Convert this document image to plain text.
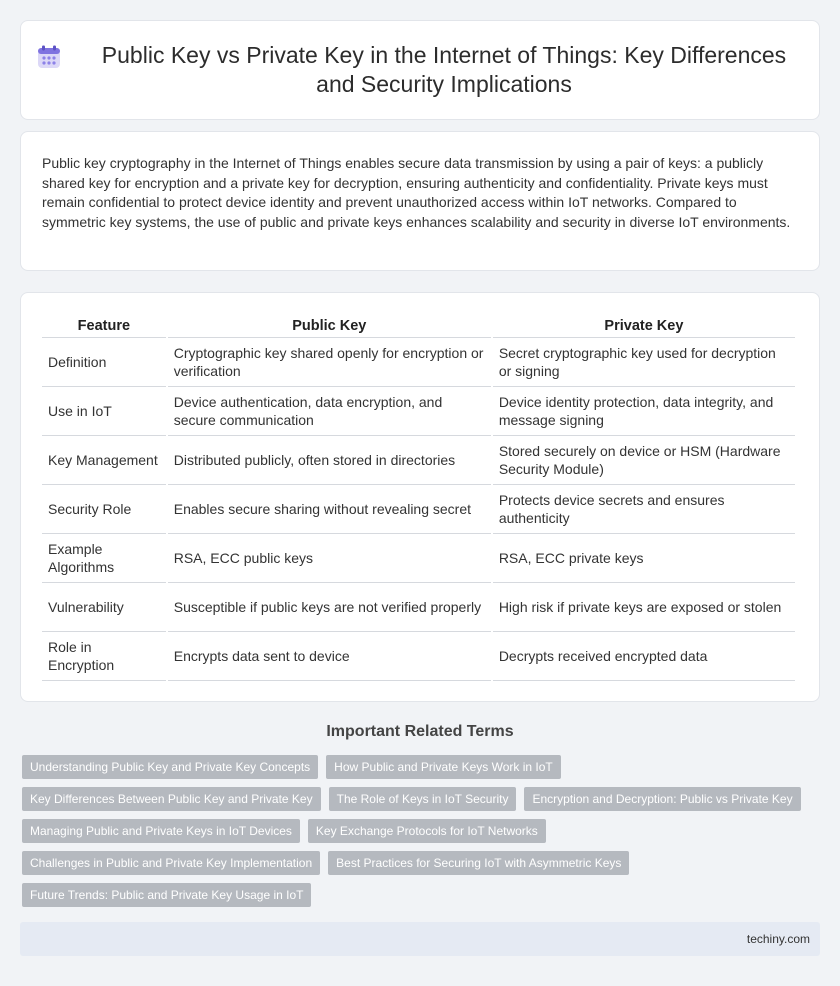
Public Key vs Private Key in the Internet of Things: Key Differences and Security Implications

Public key cryptography in the Internet of Things enables secure data transmission by using a pair of keys: a publicly shared key for encryption and a private key for decryption, ensuring authenticity and confidentiality. Private keys must remain confidential to protect device identity and prevent unauthorized access within IoT networks. Compared to symmetric key systems, the use of public and private keys enhances scalability and security in diverse IoT environments.

Feature	Public Key	Private Key
Definition	Cryptographic key shared openly for encryption or verification	Secret cryptographic key used for decryption or signing
Use in IoT	Device authentication, data encryption, and secure communication	Device identity protection, data integrity, and message signing
Key Management	Distributed publicly, often stored in directories	Stored securely on device or HSM (Hardware Security Module)
Security Role	Enables secure sharing without revealing secret	Protects device secrets and ensures authenticity
Example Algorithms	RSA, ECC public keys	RSA, ECC private keys
Vulnerability	Susceptible if public keys are not verified properly	High risk if private keys are exposed or stolen
Role in Encryption	Encrypts data sent to device	Decrypts received encrypted data
Important Related Terms
Understanding Public Key and Private Key Concepts	How Public and Private Keys Work in IoT
Key Differences Between Public Key and Private Key	The Role of Keys in IoT Security	Encryption and Decryption: Public vs Private Key
Managing Public and Private Keys in IoT Devices	Key Exchange Protocols for IoT Networks
Challenges in Public and Private Key Implementation	Best Practices for Securing IoT with Asymmetric Keys
Future Trends: Public and Private Key Usage in IoT
techiny.com
